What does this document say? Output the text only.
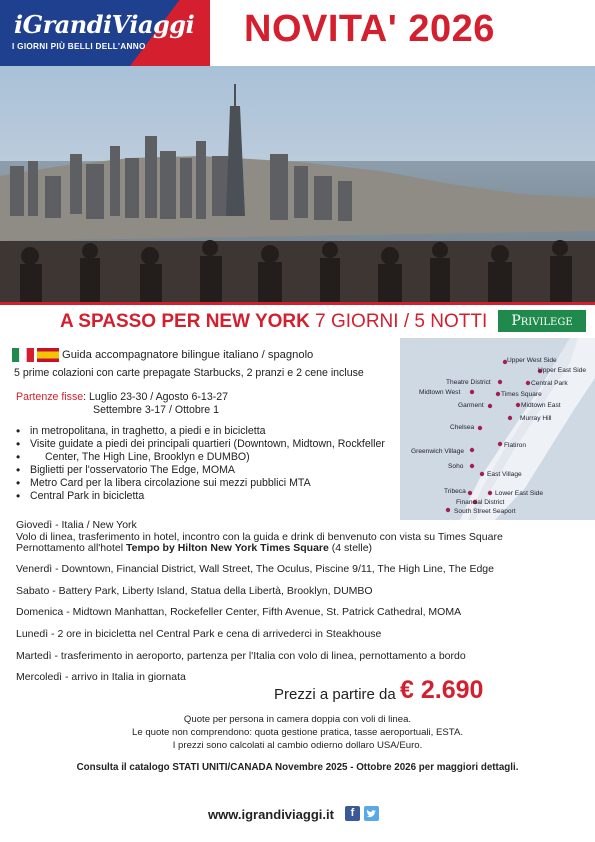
iGrandiViaggi
I GIORNI PIÙ BELLI DELL'ANNO	NOVITA' 2026
A SPASSO PER NEW YORK 7 GIORNI / 5 NOTTI	Privilege
Guida accompagnatore bilingue italiano / spagnolo
5 prime colazioni con carte prepagate Starbucks, 2 pranzi e 2 cene incluse
Partenze fisse: Luglio 23-30 / Agosto 6-13-27
Settembre 3-17 / Ottobre 1
• in metropolitana, in traghetto, a piedi e in bicicletta
• Visite guidate a piedi dei principali quartieri (Downtown, Midtown, Rockfeller
• Center, The High Line, Brooklyn e DUMBO)
• Biglietti per l'osservatorio The Edge, MOMA
• Metro Card per la libera circolazione sui mezzi pubblici MTA
• Central Park in bicicletta
Upper West Side
Upper East Side
Theatre District	Central Park
Midtown West	Times Square
Garment	Midtown East
Murray Hill
Chelsea
Flatiron
Greenwich Village
Soho
East Village
Tribeca	Lower East Side
Financial District
South Street Seaport
Giovedì - Italia / New York
Volo di linea, trasferimento in hotel, incontro con la guida e drink di benvenuto con vista su Times Square
Pernottamento all'hotel Tempo by Hilton New York Times Square (4 stelle)
Venerdì - Downtown, Financial District, Wall Street, The Oculus, Piscine 9/11, The High Line, The Edge
Sabato - Battery Park, Liberty Island, Statua della Libertà, Brooklyn, DUMBO
Domenica - Midtown Manhattan, Rockefeller Center, Fifth Avenue, St. Patrick Cathedral, MOMA
Lunedì - 2 ore in bicicletta nel Central Park e cena di arrivederci in Steakhouse
Martedì - trasferimento in aeroporto, partenza per l'Italia con volo di linea, pernottamento a bordo
Mercoledì - arrivo in Italia in giornata
Prezzi a partire da € 2.690
Quote per persona in camera doppia con voli di linea.
Le quote non comprendono: quota gestione pratica, tasse aeroportuali, ESTA.
I prezzi sono calcolati al cambio odierno dollaro USA/Euro.
Consulta il catalogo STATI UNITI/CANADA Novembre 2025 - Ottobre 2026 per maggiori dettagli.
www.igrandiviaggi.it	f
